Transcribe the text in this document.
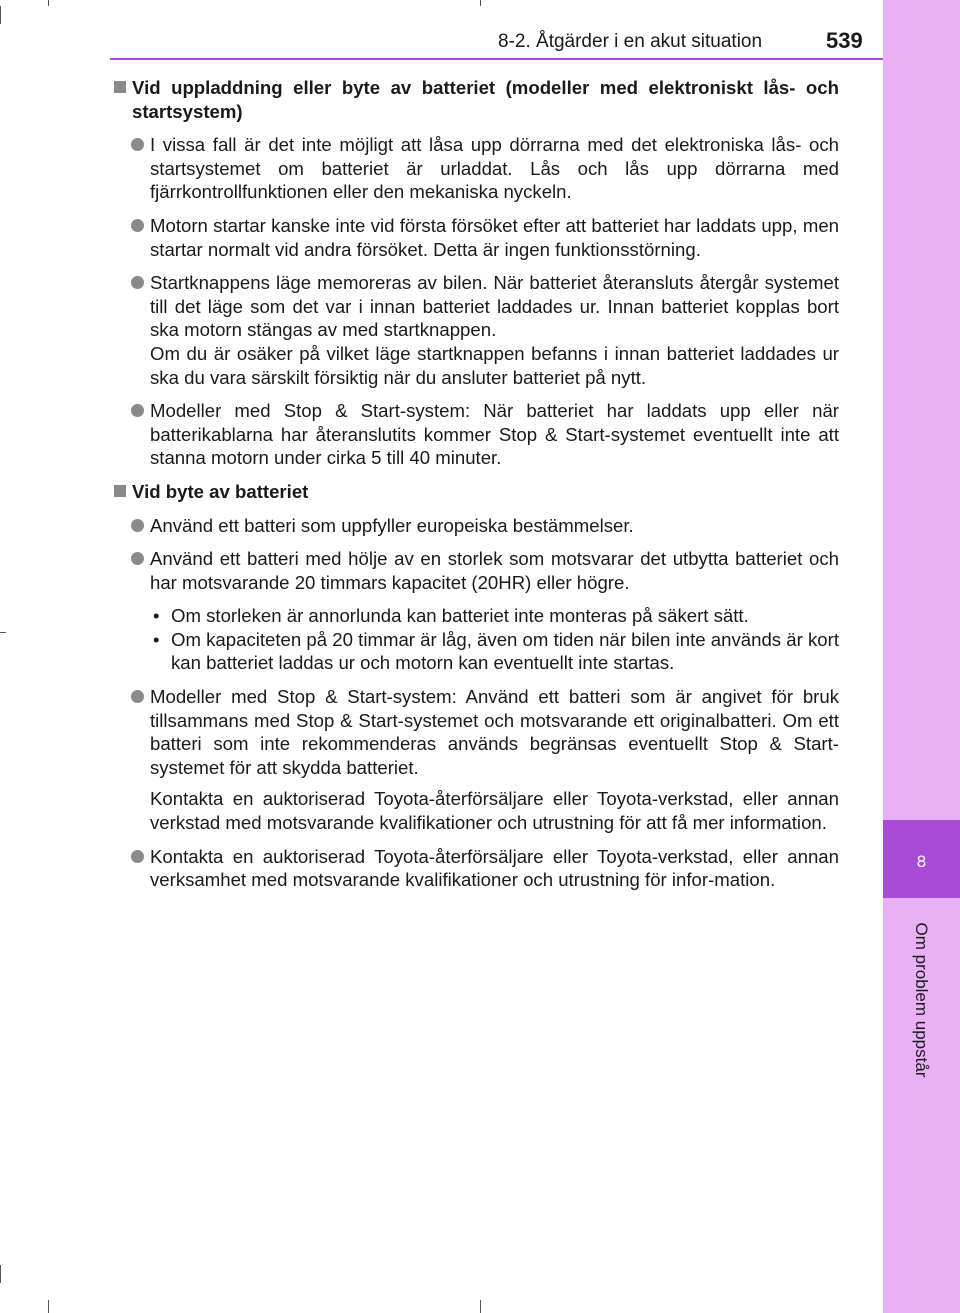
8
Om problem uppstår
8-2. Åtgärder i en akut situation	539
Vid uppladdning eller byte av batteriet (modeller med elektroniskt lås- och startsystem)

I vissa fall är det inte möjligt att låsa upp dörrarna med det elektroniska lås- och startsystemet om batteriet är urladdat. Lås och lås upp dörrarna med fjärrkontrollfunktionen eller den mekaniska nyckeln.

Motorn startar kanske inte vid första försöket efter att batteriet har laddats upp, men startar normalt vid andra försöket. Detta är ingen funktionsstörning.

Startknappens läge memoreras av bilen. När batteriet återansluts återgår systemet till det läge som det var i innan batteriet laddades ur. Innan batteriet kopplas bort ska motorn stängas av med startknappen.

Om du är osäker på vilket läge startknappen befanns i innan batteriet laddades ur ska du vara särskilt försiktig när du ansluter batteriet på nytt.

Modeller med Stop & Start-system: När batteriet har laddats upp eller när batterikablarna har återanslutits kommer Stop & Start-systemet eventuellt inte att stanna motorn under cirka 5 till 40 minuter.

Vid byte av batteriet

Använd ett batteri som uppfyller europeiska bestämmelser.

Använd ett batteri med hölje av en storlek som motsvarar det utbytta batteriet och har motsvarande 20 timmars kapacitet (20HR) eller högre.

• Om storleken är annorlunda kan batteriet inte monteras på säkert sätt.
• Om kapaciteten på 20 timmar är låg, även om tiden när bilen inte används är kort kan batteriet laddas ur och motorn kan eventuellt inte startas.

Modeller med Stop & Start-system: Använd ett batteri som är angivet för bruk tillsammans med Stop & Start-systemet och motsvarande ett originalbatteri. Om ett batteri som inte rekommenderas används begränsas eventuellt Stop & Start-systemet för att skydda batteriet.

Kontakta en auktoriserad Toyota-återförsäljare eller Toyota-verkstad, eller annan verkstad med motsvarande kvalifikationer och utrustning för att få mer information.

Kontakta en auktoriserad Toyota-återförsäljare eller Toyota-verkstad, eller annan verksamhet med motsvarande kvalifikationer och utrustning för infor-mation.
